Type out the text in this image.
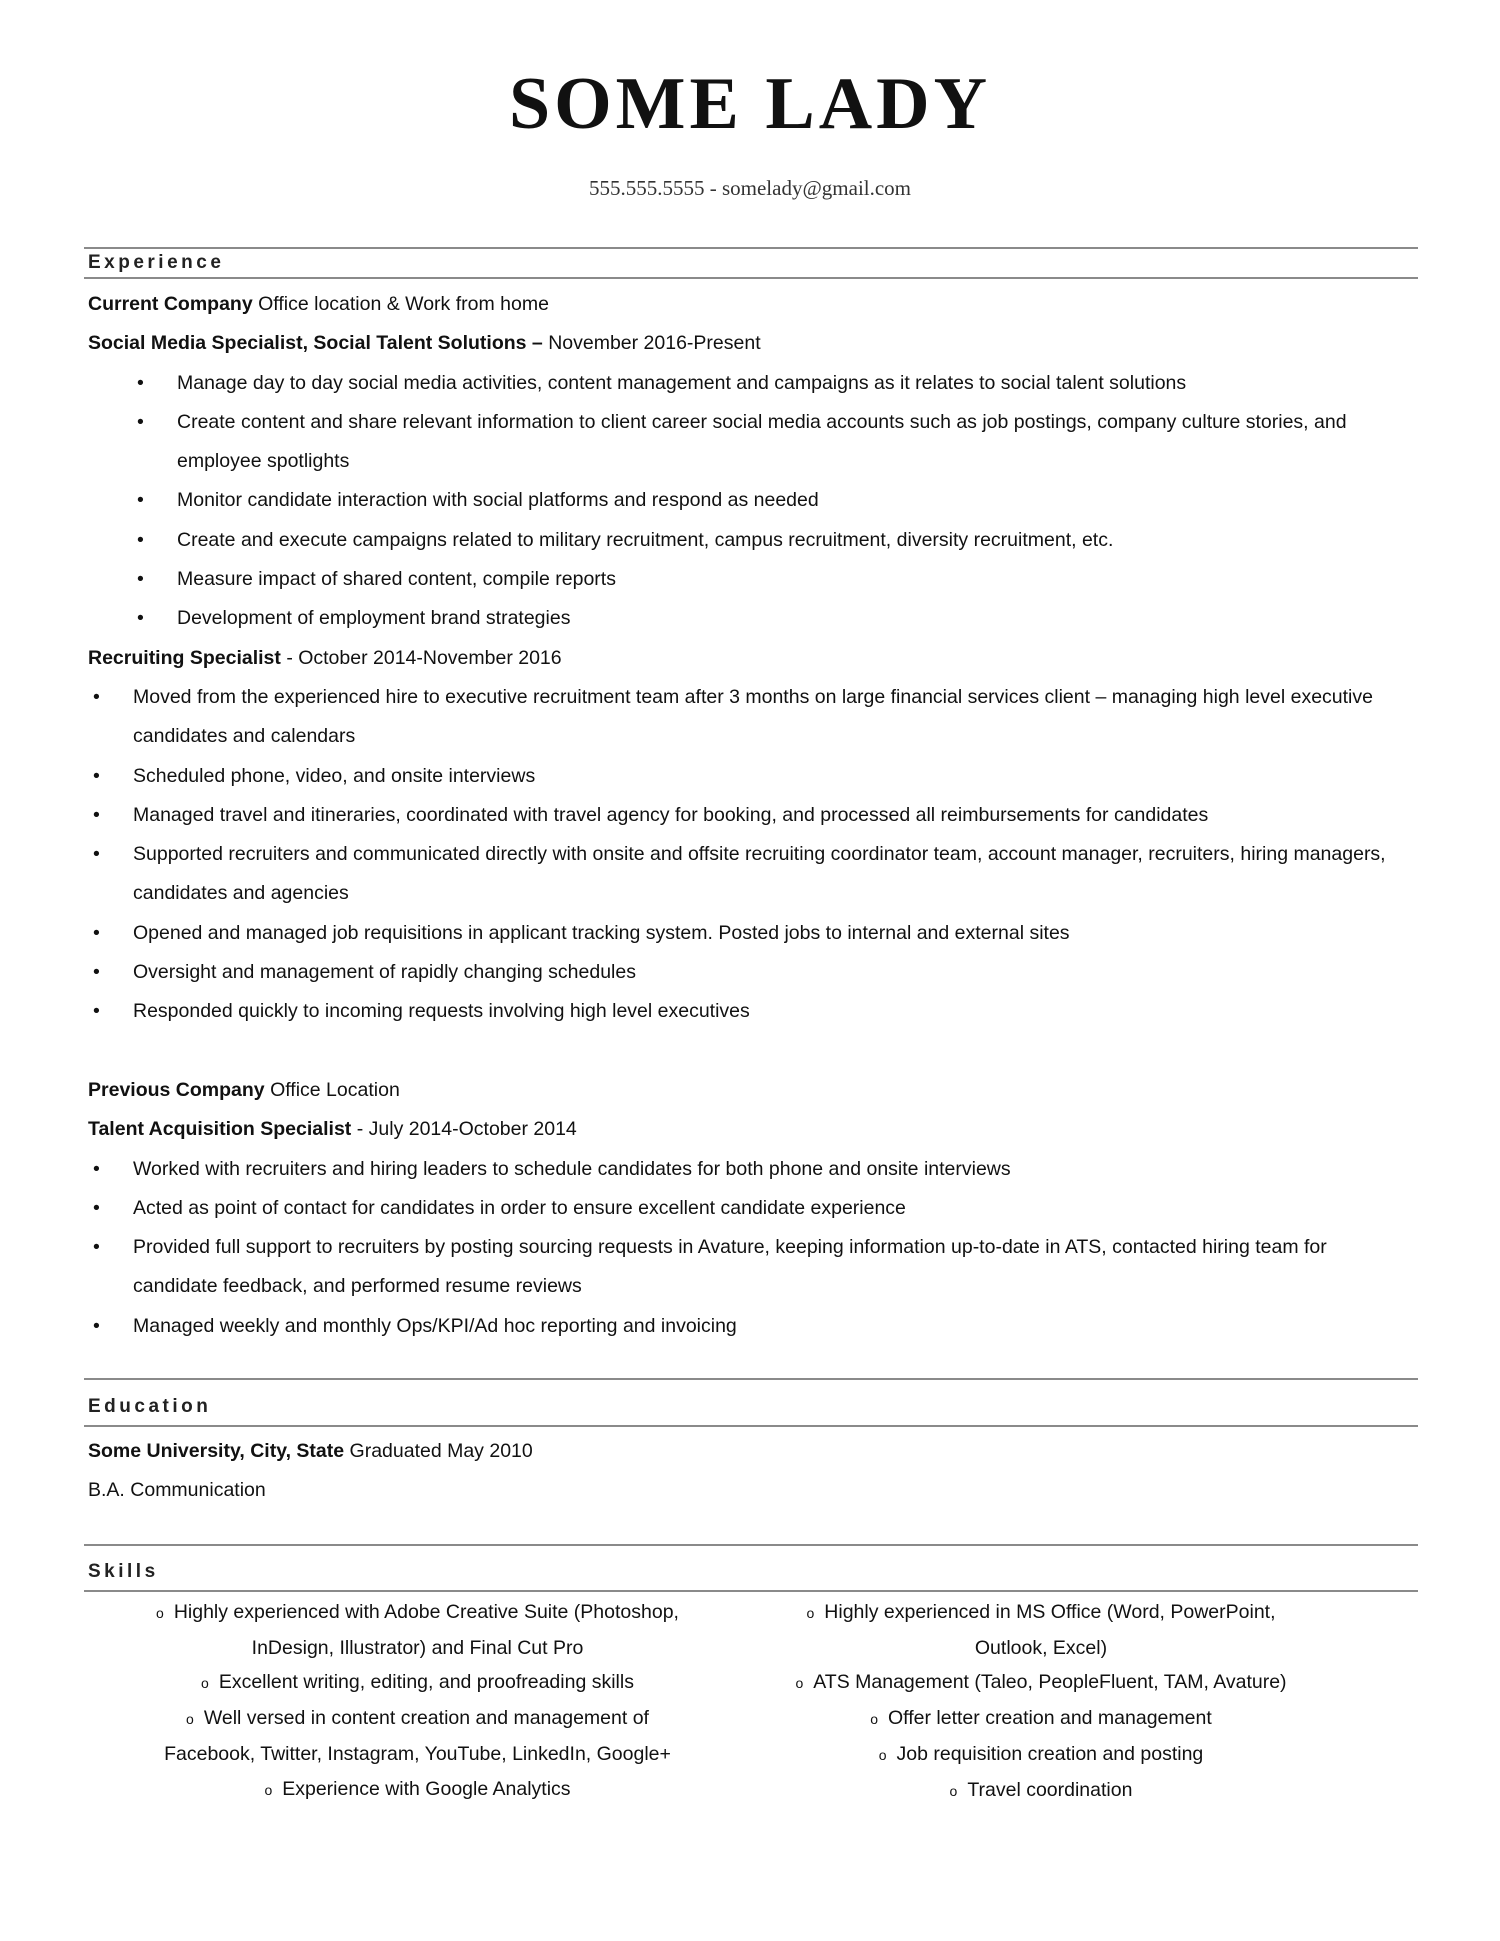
SOME LADY
555.555.5555 - somelady@gmail.com
Experience
Current Company Office location & Work from home
Social Media Specialist, Social Talent Solutions – November 2016-Present
• Manage day to day social media activities, content management and campaigns as it relates to social talent solutions
• Create content and share relevant information to client career social media accounts such as job postings, company culture stories, and
employee spotlights
• Monitor candidate interaction with social platforms and respond as needed
• Create and execute campaigns related to military recruitment, campus recruitment, diversity recruitment, etc.
• Measure impact of shared content, compile reports
• Development of employment brand strategies
Recruiting Specialist - October 2014-November 2016
• Moved from the experienced hire to executive recruitment team after 3 months on large financial services client – managing high level executive
candidates and calendars
• Scheduled phone, video, and onsite interviews
• Managed travel and itineraries, coordinated with travel agency for booking, and processed all reimbursements for candidates
• Supported recruiters and communicated directly with onsite and offsite recruiting coordinator team, account manager, recruiters, hiring managers,
candidates and agencies
• Opened and managed job requisitions in applicant tracking system. Posted jobs to internal and external sites
• Oversight and management of rapidly changing schedules
• Responded quickly to incoming requests involving high level executives
Previous Company Office Location
Talent Acquisition Specialist - July 2014-October 2014
• Worked with recruiters and hiring leaders to schedule candidates for both phone and onsite interviews
• Acted as point of contact for candidates in order to ensure excellent candidate experience
• Provided full support to recruiters by posting sourcing requests in Avature, keeping information up-to-date in ATS, contacted hiring team for
candidate feedback, and performed resume reviews
• Managed weekly and monthly Ops/KPI/Ad hoc reporting and invoicing
Education
Some University, City, State Graduated May 2010
B.A. Communication
Skills
o Highly experienced with Adobe Creative Suite (Photoshop,
InDesign, Illustrator) and Final Cut Pro
o Excellent writing, editing, and proofreading skills
o Well versed in content creation and management of
Facebook, Twitter, Instagram, YouTube, LinkedIn, Google+
o Experience with Google Analytics
o Highly experienced in MS Office (Word, PowerPoint,
Outlook, Excel)
o ATS Management (Taleo, PeopleFluent, TAM, Avature)
o Offer letter creation and management
o Job requisition creation and posting
o Travel coordination
